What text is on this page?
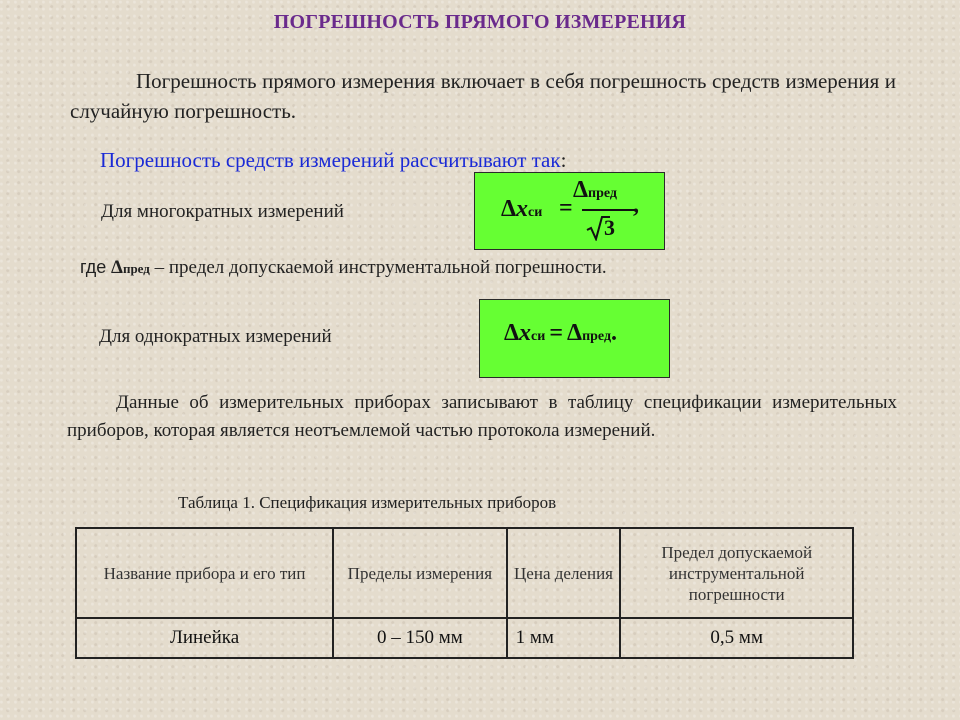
ПОГРЕШНОСТЬ ПРЯМОГО ИЗМЕРЕНИЯ
Погрешность прямого измерения включает в себя погрешность средств измерения и случайную погрешность.
Погрешность средств измерений рассчитывают так:
Для многократных измерений	Δxси =
Δпред
3
,
где Δпред – предел допускаемой инструментальной погрешности.
Для однократных измерений	Δxси = Δпред.
Данные об измерительных приборах записывают в таблицу спецификации измерительных приборов, которая является неотъемлемой частью протокола измерений.
Таблица 1. Спецификация измерительных приборов
Название прибора и его тип	Пределы измерения	Цена деления	Предел допускаемой инструментальной погрешности
Линейка	0 – 150 мм	1 мм	0,5 мм
